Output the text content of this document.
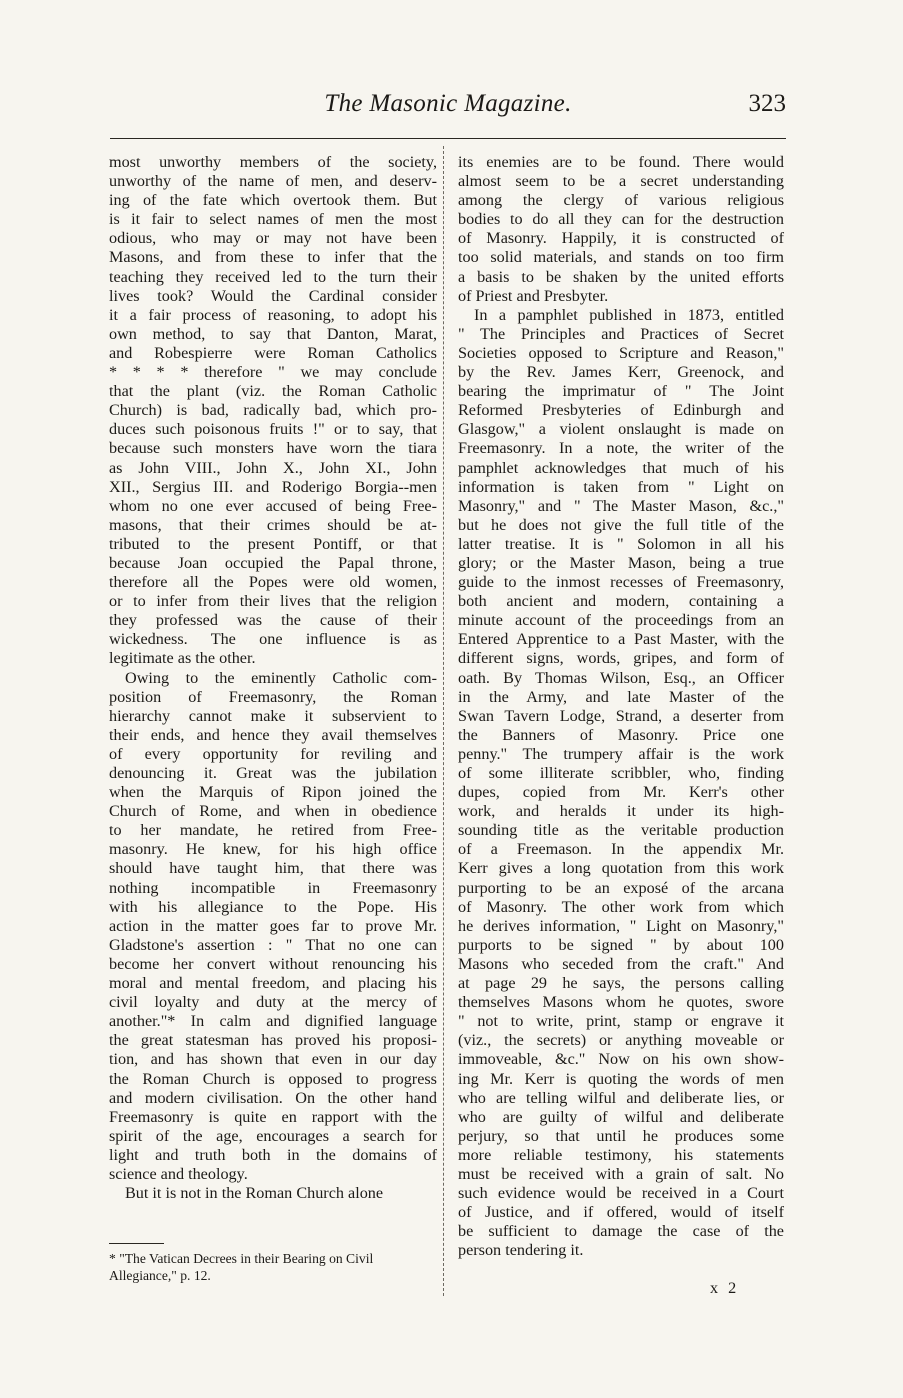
The Masonic Magazine.	323
most unworthy members of the society,
unworthy of the name of men, and deserv-
ing of the fate which overtook them. But
is it fair to select names of men the most
odious, who may or may not have been
Masons, and from these to infer that the
teaching they received led to the turn their
lives took? Would the Cardinal consider
it a fair process of reasoning, to adopt his
own method, to say that Danton, Marat,
and Robespierre were Roman Catholics
* * * * therefore " we may conclude
that the plant (viz. the Roman Catholic
Church) is bad, radically bad, which pro-
duces such poisonous fruits !" or to say, that
because such monsters have worn the tiara
as John VIII., John X., John XI., John
XII., Sergius III. and Roderigo Borgia--men
whom no one ever accused of being Free-
masons, that their crimes should be at-
tributed to the present Pontiff, or that
because Joan occupied the Papal throne,
therefore all the Popes were old women,
or to infer from their lives that the religion
they professed was the cause of their
wickedness. The one influence is as
legitimate as the other.
Owing to the eminently Catholic com-
position of Freemasonry, the Roman
hierarchy cannot make it subservient to
their ends, and hence they avail themselves
of every opportunity for reviling and
denouncing it. Great was the jubilation
when the Marquis of Ripon joined the
Church of Rome, and when in obedience
to her mandate, he retired from Free-
masonry. He knew, for his high office
should have taught him, that there was
nothing incompatible in Freemasonry
with his allegiance to the Pope. His
action in the matter goes far to prove Mr.
Gladstone's assertion : " That no one can
become her convert without renouncing his
moral and mental freedom, and placing his
civil loyalty and duty at the mercy of
another."* In calm and dignified language
the great statesman has proved his proposi-
tion, and has shown that even in our day
the Roman Church is opposed to progress
and modern civilisation. On the other hand
Freemasonry is quite en rapport with the
spirit of the age, encourages a search for
light and truth both in the domains of
science and theology.
But it is not in the Roman Church alone
its enemies are to be found. There would
almost seem to be a secret understanding
among the clergy of various religious
bodies to do all they can for the destruction
of Masonry. Happily, it is constructed of
too solid materials, and stands on too firm
a basis to be shaken by the united efforts
of Priest and Presbyter.
In a pamphlet published in 1873, entitled
" The Principles and Practices of Secret
Societies opposed to Scripture and Reason,"
by the Rev. James Kerr, Greenock, and
bearing the imprimatur of " The Joint
Reformed Presbyteries of Edinburgh and
Glasgow," a violent onslaught is made on
Freemasonry. In a note, the writer of the
pamphlet acknowledges that much of his
information is taken from " Light on
Masonry," and " The Master Mason, &c.,"
but he does not give the full title of the
latter treatise. It is " Solomon in all his
glory; or the Master Mason, being a true
guide to the inmost recesses of Freemasonry,
both ancient and modern, containing a
minute account of the proceedings from an
Entered Apprentice to a Past Master, with the
different signs, words, gripes, and form of
oath. By Thomas Wilson, Esq., an Officer
in the Army, and late Master of the
Swan Tavern Lodge, Strand, a deserter from
the Banners of Masonry. Price one
penny." The trumpery affair is the work
of some illiterate scribbler, who, finding
dupes, copied from Mr. Kerr's other
work, and heralds it under its high-
sounding title as the veritable production
of a Freemason. In the appendix Mr.
Kerr gives a long quotation from this work
purporting to be an exposé of the arcana
of Masonry. The other work from which
he derives information, " Light on Masonry,"
purports to be signed " by about 100
Masons who seceded from the craft." And
at page 29 he says, the persons calling
themselves Masons whom he quotes, swore
" not to write, print, stamp or engrave it
(viz., the secrets) or anything moveable or
immoveable, &c." Now on his own show-
ing Mr. Kerr is quoting the words of men
who are telling wilful and deliberate lies, or
who are guilty of wilful and deliberate
perjury, so that until he produces some
more reliable testimony, his statements
must be received with a grain of salt. No
such evidence would be received in a Court
of Justice, and if offered, would of itself
be sufficient to damage the case of the
person tendering it.
* "The Vatican Decrees in their Bearing on Civil
Allegiance," p. 12.
x 2
